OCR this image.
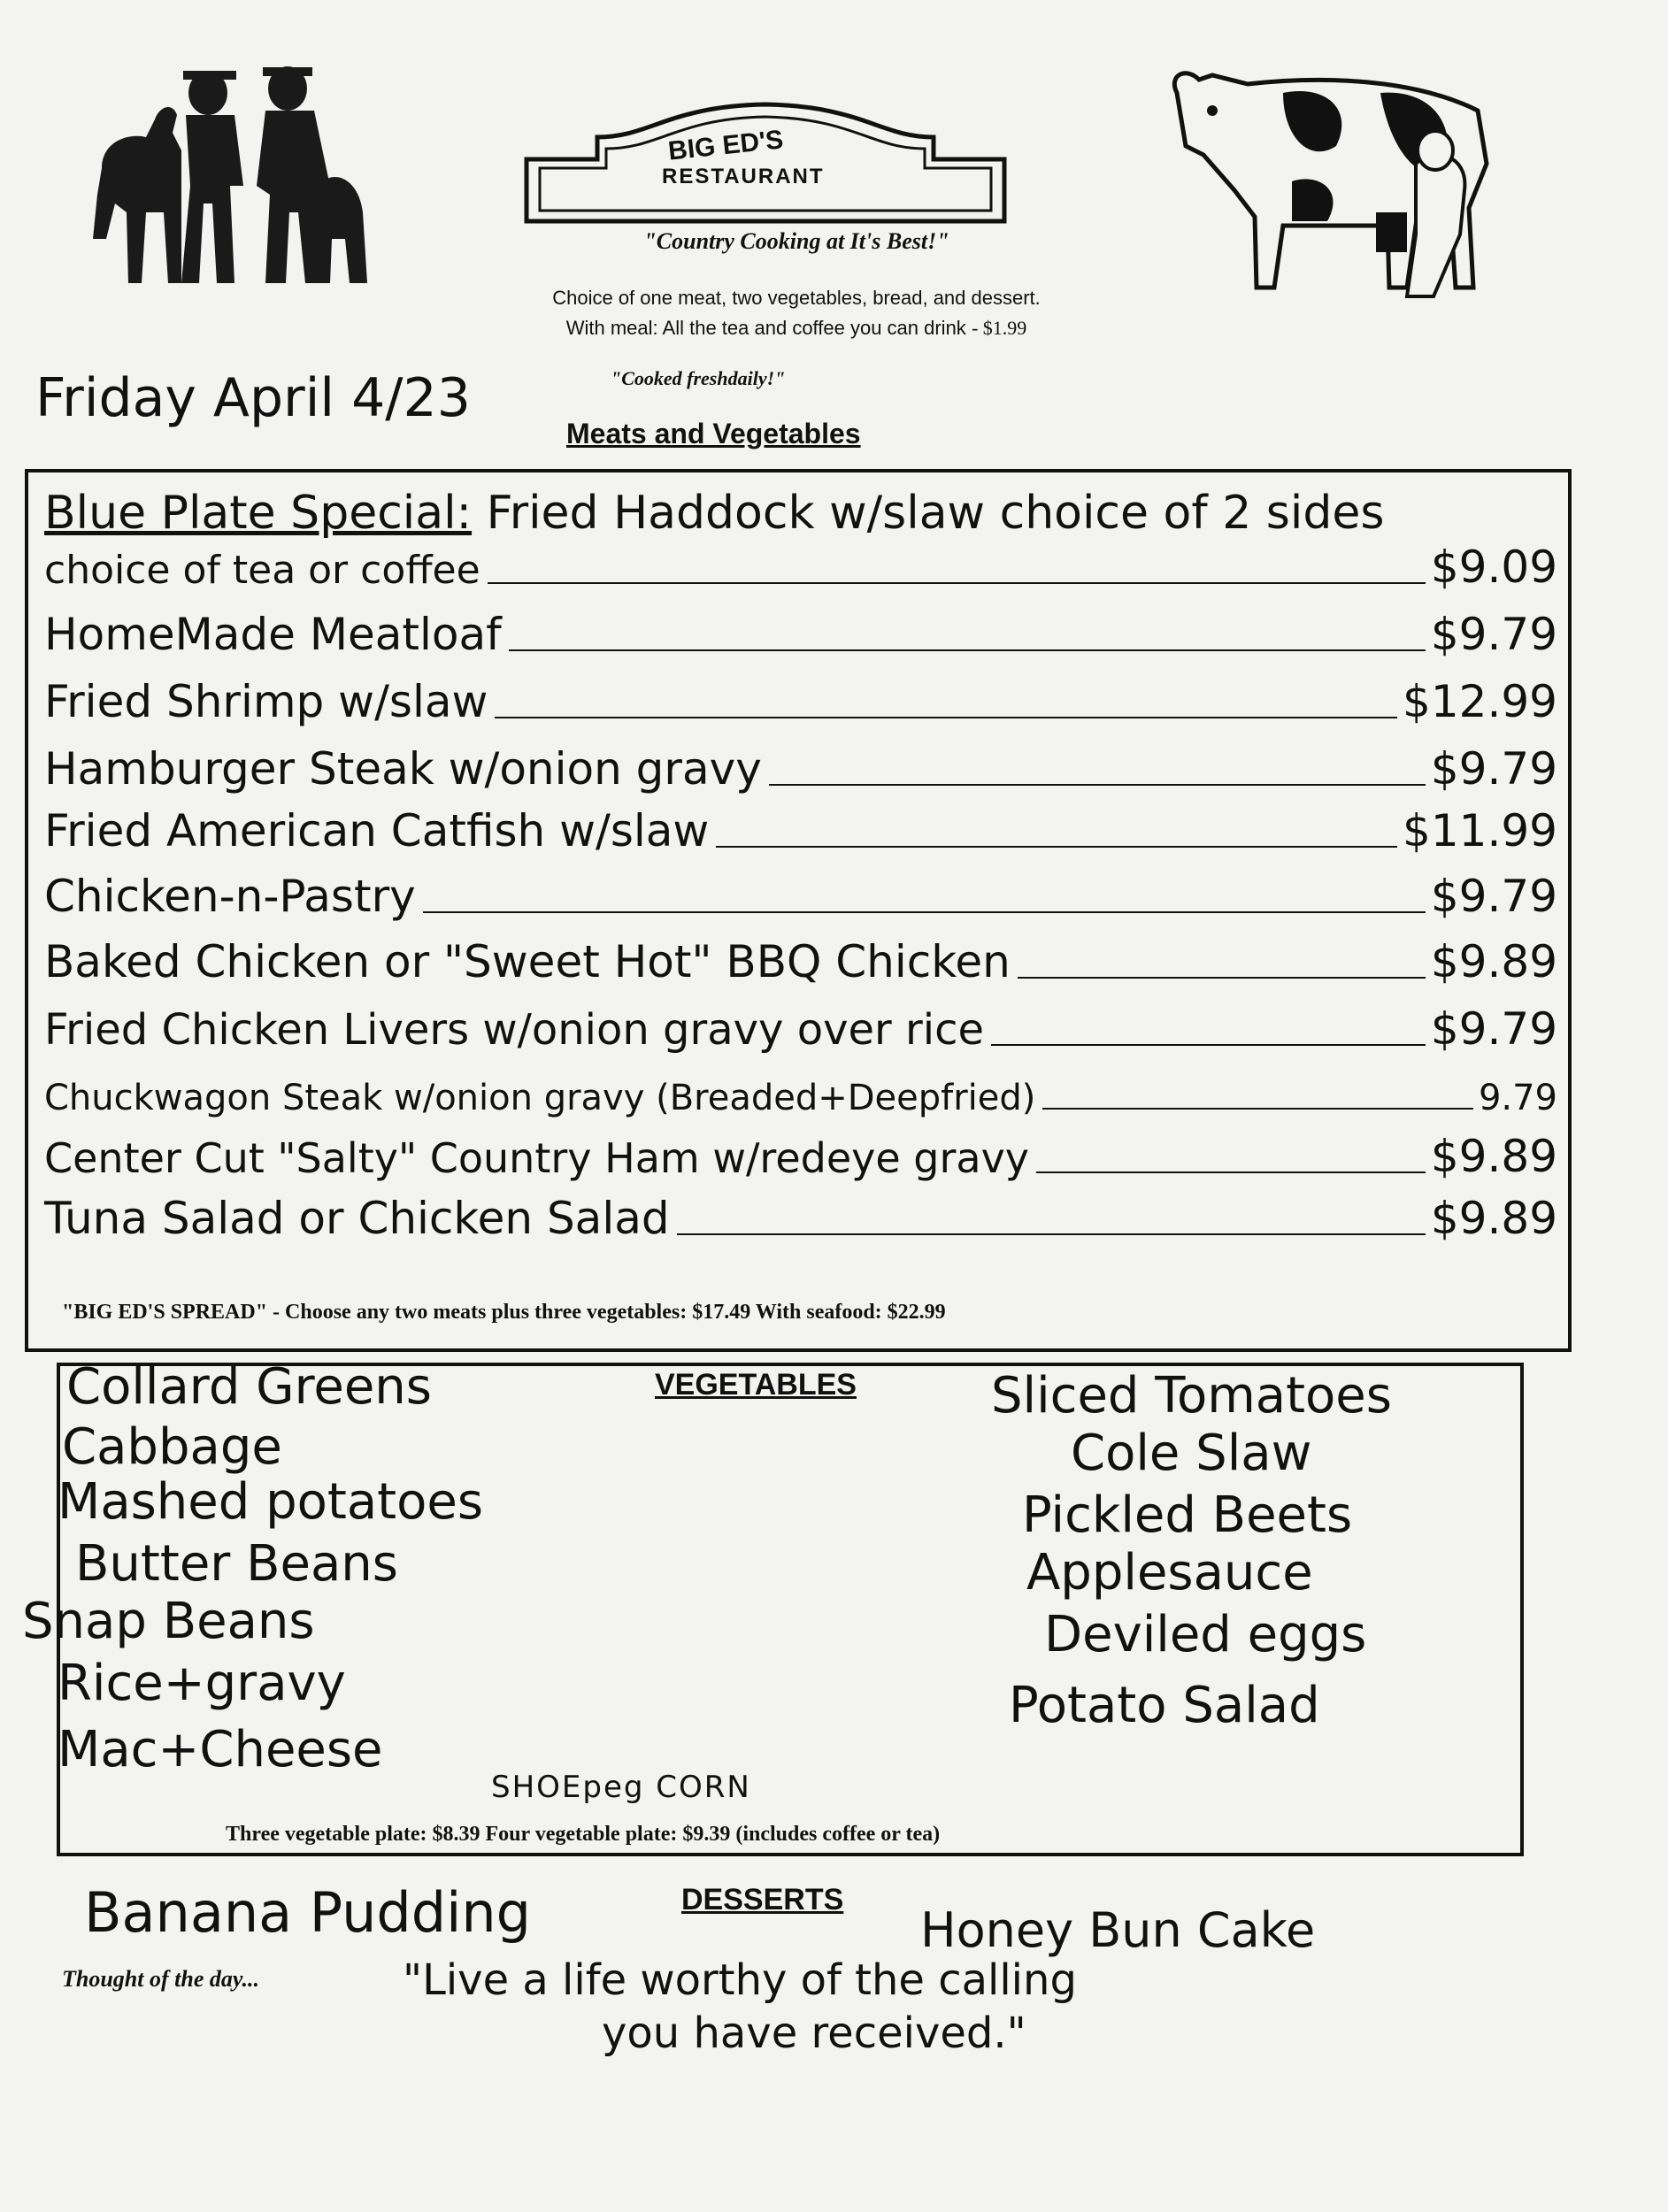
BIG ED'S
RESTAURANT
"Country Cooking at It's Best!"
Choice of one meat, two vegetables, bread, and dessert.
With meal: All the tea and coffee you can drink - $1.99
Friday April 4/23	"Cooked freshdaily!"
Meats and Vegetables
Blue Plate Special: Fried Haddock w/slaw choice of 2 sides
choice of tea or coffee	$9.09
HomeMade Meatloaf	$9.79
Fried Shrimp w/slaw	$12.99
Hamburger Steak w/onion gravy	$9.79
Fried American Catfish w/slaw	$11.99
Chicken-n-Pastry	$9.79
Baked Chicken or "Sweet Hot" BBQ Chicken	$9.89
Fried Chicken Livers w/onion gravy over rice	$9.79
Chuckwagon Steak w/onion gravy (Breaded+Deepfried)	9.79
Center Cut "Salty" Country Ham w/redeye gravy	$9.89
Tuna Salad or Chicken Salad	$9.89
"BIG ED'S SPREAD" - Choose any two meats plus three vegetables: $17.49 With seafood: $22.99
VEGETABLES
Collard Greens
Cabbage
Mashed potatoes
Butter Beans
Snap Beans
Rice+gravy
Mac+Cheese
Sliced Tomatoes
Cole Slaw
Pickled Beets
Applesauce
Deviled eggs
Potato Salad
SHOEpeg CORN
Three vegetable plate: $8.39 Four vegetable plate: $9.39 (includes coffee or tea)
Banana Pudding	DESSERTS
Honey Bun Cake
Thought of the day...	"Live a life worthy of the calling
you have received."
